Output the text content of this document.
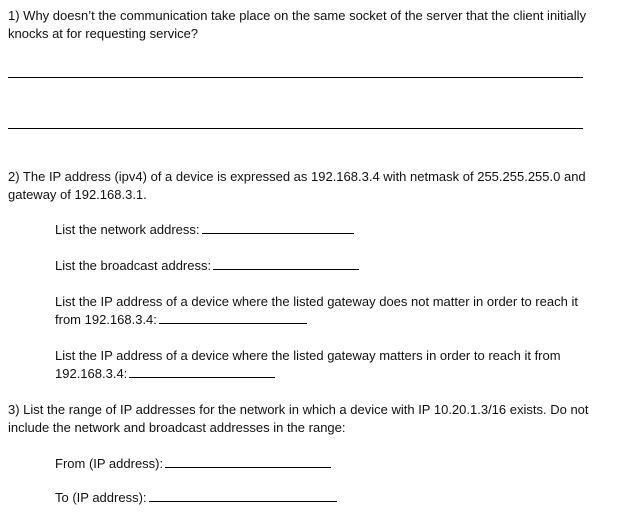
1) Why doesn’t the communication take place on the same socket of the server that the client initially
knocks at for requesting service?
2) The IP address (ipv4) of a device is expressed as 192.168.3.4 with netmask of 255.255.255.0 and
gateway of 192.168.3.1.
List the network address:
List the broadcast address:
List the IP address of a device where the listed gateway does not matter in order to reach it
from 192.168.3.4:
List the IP address of a device where the listed gateway matters in order to reach it from
192.168.3.4:
3) List the range of IP addresses for the network in which a device with IP 10.20.1.3/16 exists. Do not
include the network and broadcast addresses in the range:
From (IP address):
To (IP address):
